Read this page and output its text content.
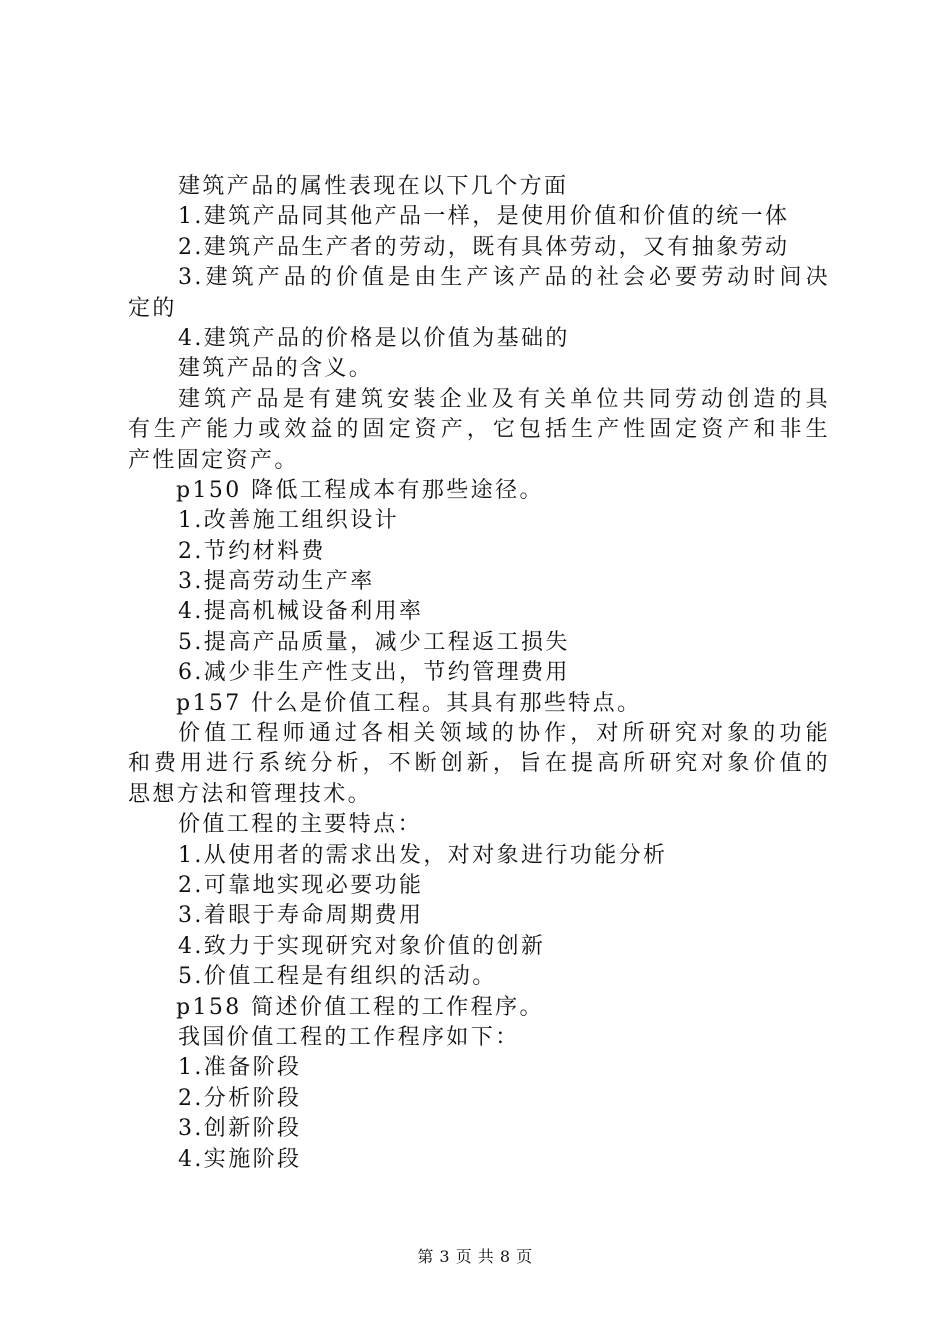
建筑产品的属性表现在以下几个方面
1.建筑产品同其他产品一样，是使用价值和价值的统一体
2.建筑产品生产者的劳动，既有具体劳动，又有抽象劳动
3.建筑产品的价值是由生产该产品的社会必要劳动时间决
定的
4.建筑产品的价格是以价值为基础的
建筑产品的含义。
建筑产品是有建筑安装企业及有关单位共同劳动创造的具
有生产能力或效益的固定资产，它包括生产性固定资产和非生
产性固定资产。
p150 降低工程成本有那些途径。
1.改善施工组织设计
2.节约材料费
3.提高劳动生产率
4.提高机械设备利用率
5.提高产品质量，减少工程返工损失
6.减少非生产性支出，节约管理费用
p157 什么是价值工程。其具有那些特点。
价值工程师通过各相关领域的协作，对所研究对象的功能
和费用进行系统分析，不断创新，旨在提高所研究对象价值的
思想方法和管理技术。
价值工程的主要特点：
1.从使用者的需求出发，对对象进行功能分析
2.可靠地实现必要功能
3.着眼于寿命周期费用
4.致力于实现研究对象价值的创新
5.价值工程是有组织的活动。
p158 简述价值工程的工作程序。
我国价值工程的工作程序如下：
1.准备阶段
2.分析阶段
3.创新阶段
4.实施阶段
第 3 页 共 8 页
